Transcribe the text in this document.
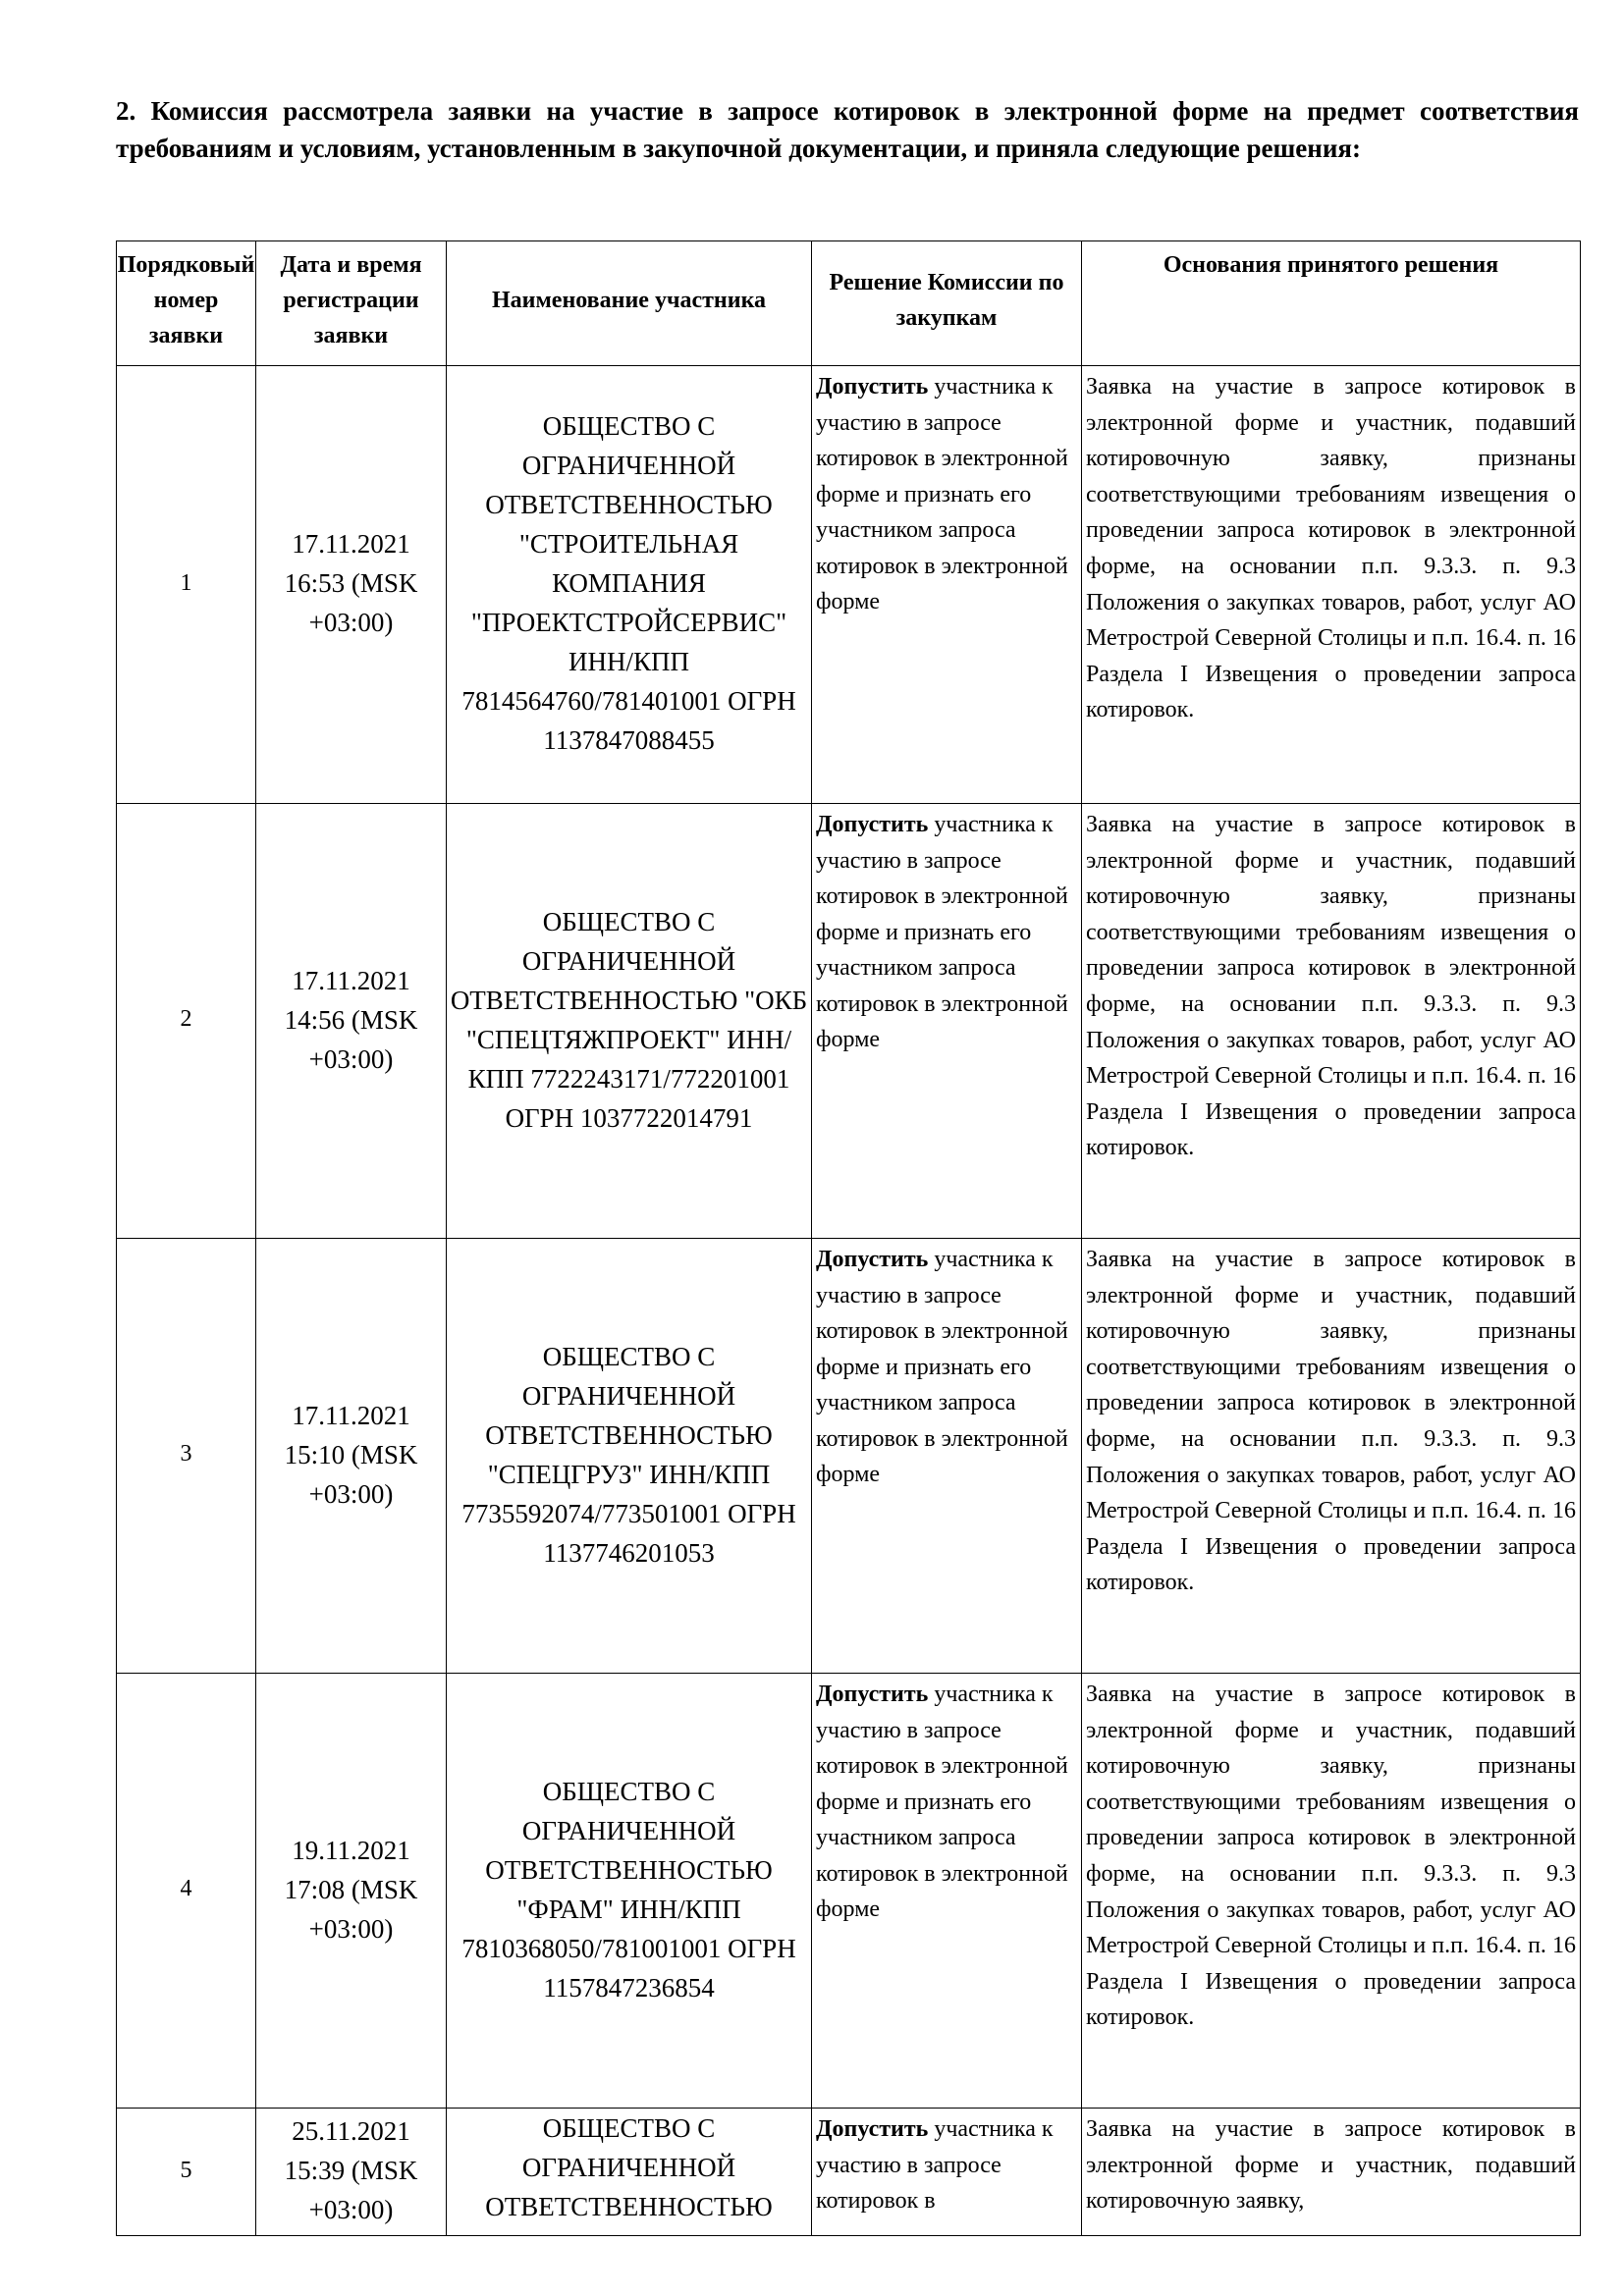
2. Комиссия рассмотрела заявки на участие в запросе котировок в электронной форме на предмет соответствия требованиям и условиям, установленным в закупочной документации, и приняла следующие решения:
Порядковый номер заявки	Дата и время регистрации заявки	Наименование участника	Решение Комиссии по закупкам	Основания принятого решения

1	17.11.2021 16:53 (MSK +03:00)	ОБЩЕСТВО С ОГРАНИЧЕННОЙ ОТВЕТСТВЕННОСТЬЮ "СТРОИТЕЛЬНАЯ КОМПАНИЯ "ПРОЕКТСТРОЙСЕРВИС" ИНН/КПП 7814564760/781401001 ОГРН 1137847088455	Допустить участника к участию в запросе котировок в электронной форме и признать его участником запроса котировок в электронной форме	Заявка на участие в запросе котировок в электронной форме и участник, подавший котировочную заявку, признаны соответствующими требованиям извещения о проведении запроса котировок в электронной форме, на основании п.п. 9.3.3. п. 9.3 Положения о закупках товаров, работ, услуг АО Метрострой Северной Столицы и п.п. 16.4. п. 16 Раздела I Извещения о проведении запроса котировок.

2	17.11.2021 14:56 (MSK +03:00)	ОБЩЕСТВО С ОГРАНИЧЕННОЙ ОТВЕТСТВЕННОСТЬЮ "ОКБ "СПЕЦТЯЖПРОЕКТ" ИНН/КПП 7722243171/772201001 ОГРН 1037722014791	Допустить участника к участию в запросе котировок в электронной форме и признать его участником запроса котировок в электронной форме	Заявка на участие в запросе котировок в электронной форме и участник, подавший котировочную заявку, признаны соответствующими требованиям извещения о проведении запроса котировок в электронной форме, на основании п.п. 9.3.3. п. 9.3 Положения о закупках товаров, работ, услуг АО Метрострой Северной Столицы и п.п. 16.4. п. 16 Раздела I Извещения о проведении запроса котировок.

3	17.11.2021 15:10 (MSK +03:00)	ОБЩЕСТВО С ОГРАНИЧЕННОЙ ОТВЕТСТВЕННОСТЬЮ "СПЕЦГРУЗ" ИНН/КПП 7735592074/773501001 ОГРН 1137746201053	Допустить участника к участию в запросе котировок в электронной форме и признать его участником запроса котировок в электронной форме	Заявка на участие в запросе котировок в электронной форме и участник, подавший котировочную заявку, признаны соответствующими требованиям извещения о проведении запроса котировок в электронной форме, на основании п.п. 9.3.3. п. 9.3 Положения о закупках товаров, работ, услуг АО Метрострой Северной Столицы и п.п. 16.4. п. 16 Раздела I Извещения о проведении запроса котировок.

4	19.11.2021 17:08 (MSK +03:00)	ОБЩЕСТВО С ОГРАНИЧЕННОЙ ОТВЕТСТВЕННОСТЬЮ "ФРАМ" ИНН/КПП 7810368050/781001001 ОГРН 1157847236854	Допустить участника к участию в запросе котировок в электронной форме и признать его участником запроса котировок в электронной форме	Заявка на участие в запросе котировок в электронной форме и участник, подавший котировочную заявку, признаны соответствующими требованиям извещения о проведении запроса котировок в электронной форме, на основании п.п. 9.3.3. п. 9.3 Положения о закупках товаров, работ, услуг АО Метрострой Северной Столицы и п.п. 16.4. п. 16 Раздела I Извещения о проведении запроса котировок.

5	25.11.2021 15:39 (MSK +03:00)	ОБЩЕСТВО С ОГРАНИЧЕННОЙ ОТВЕТСТВЕННОСТЬЮ	Допустить участника к участию в запросе котировок в	Заявка на участие в запросе котировок в электронной форме и участник, подавший котировочную заявку,
